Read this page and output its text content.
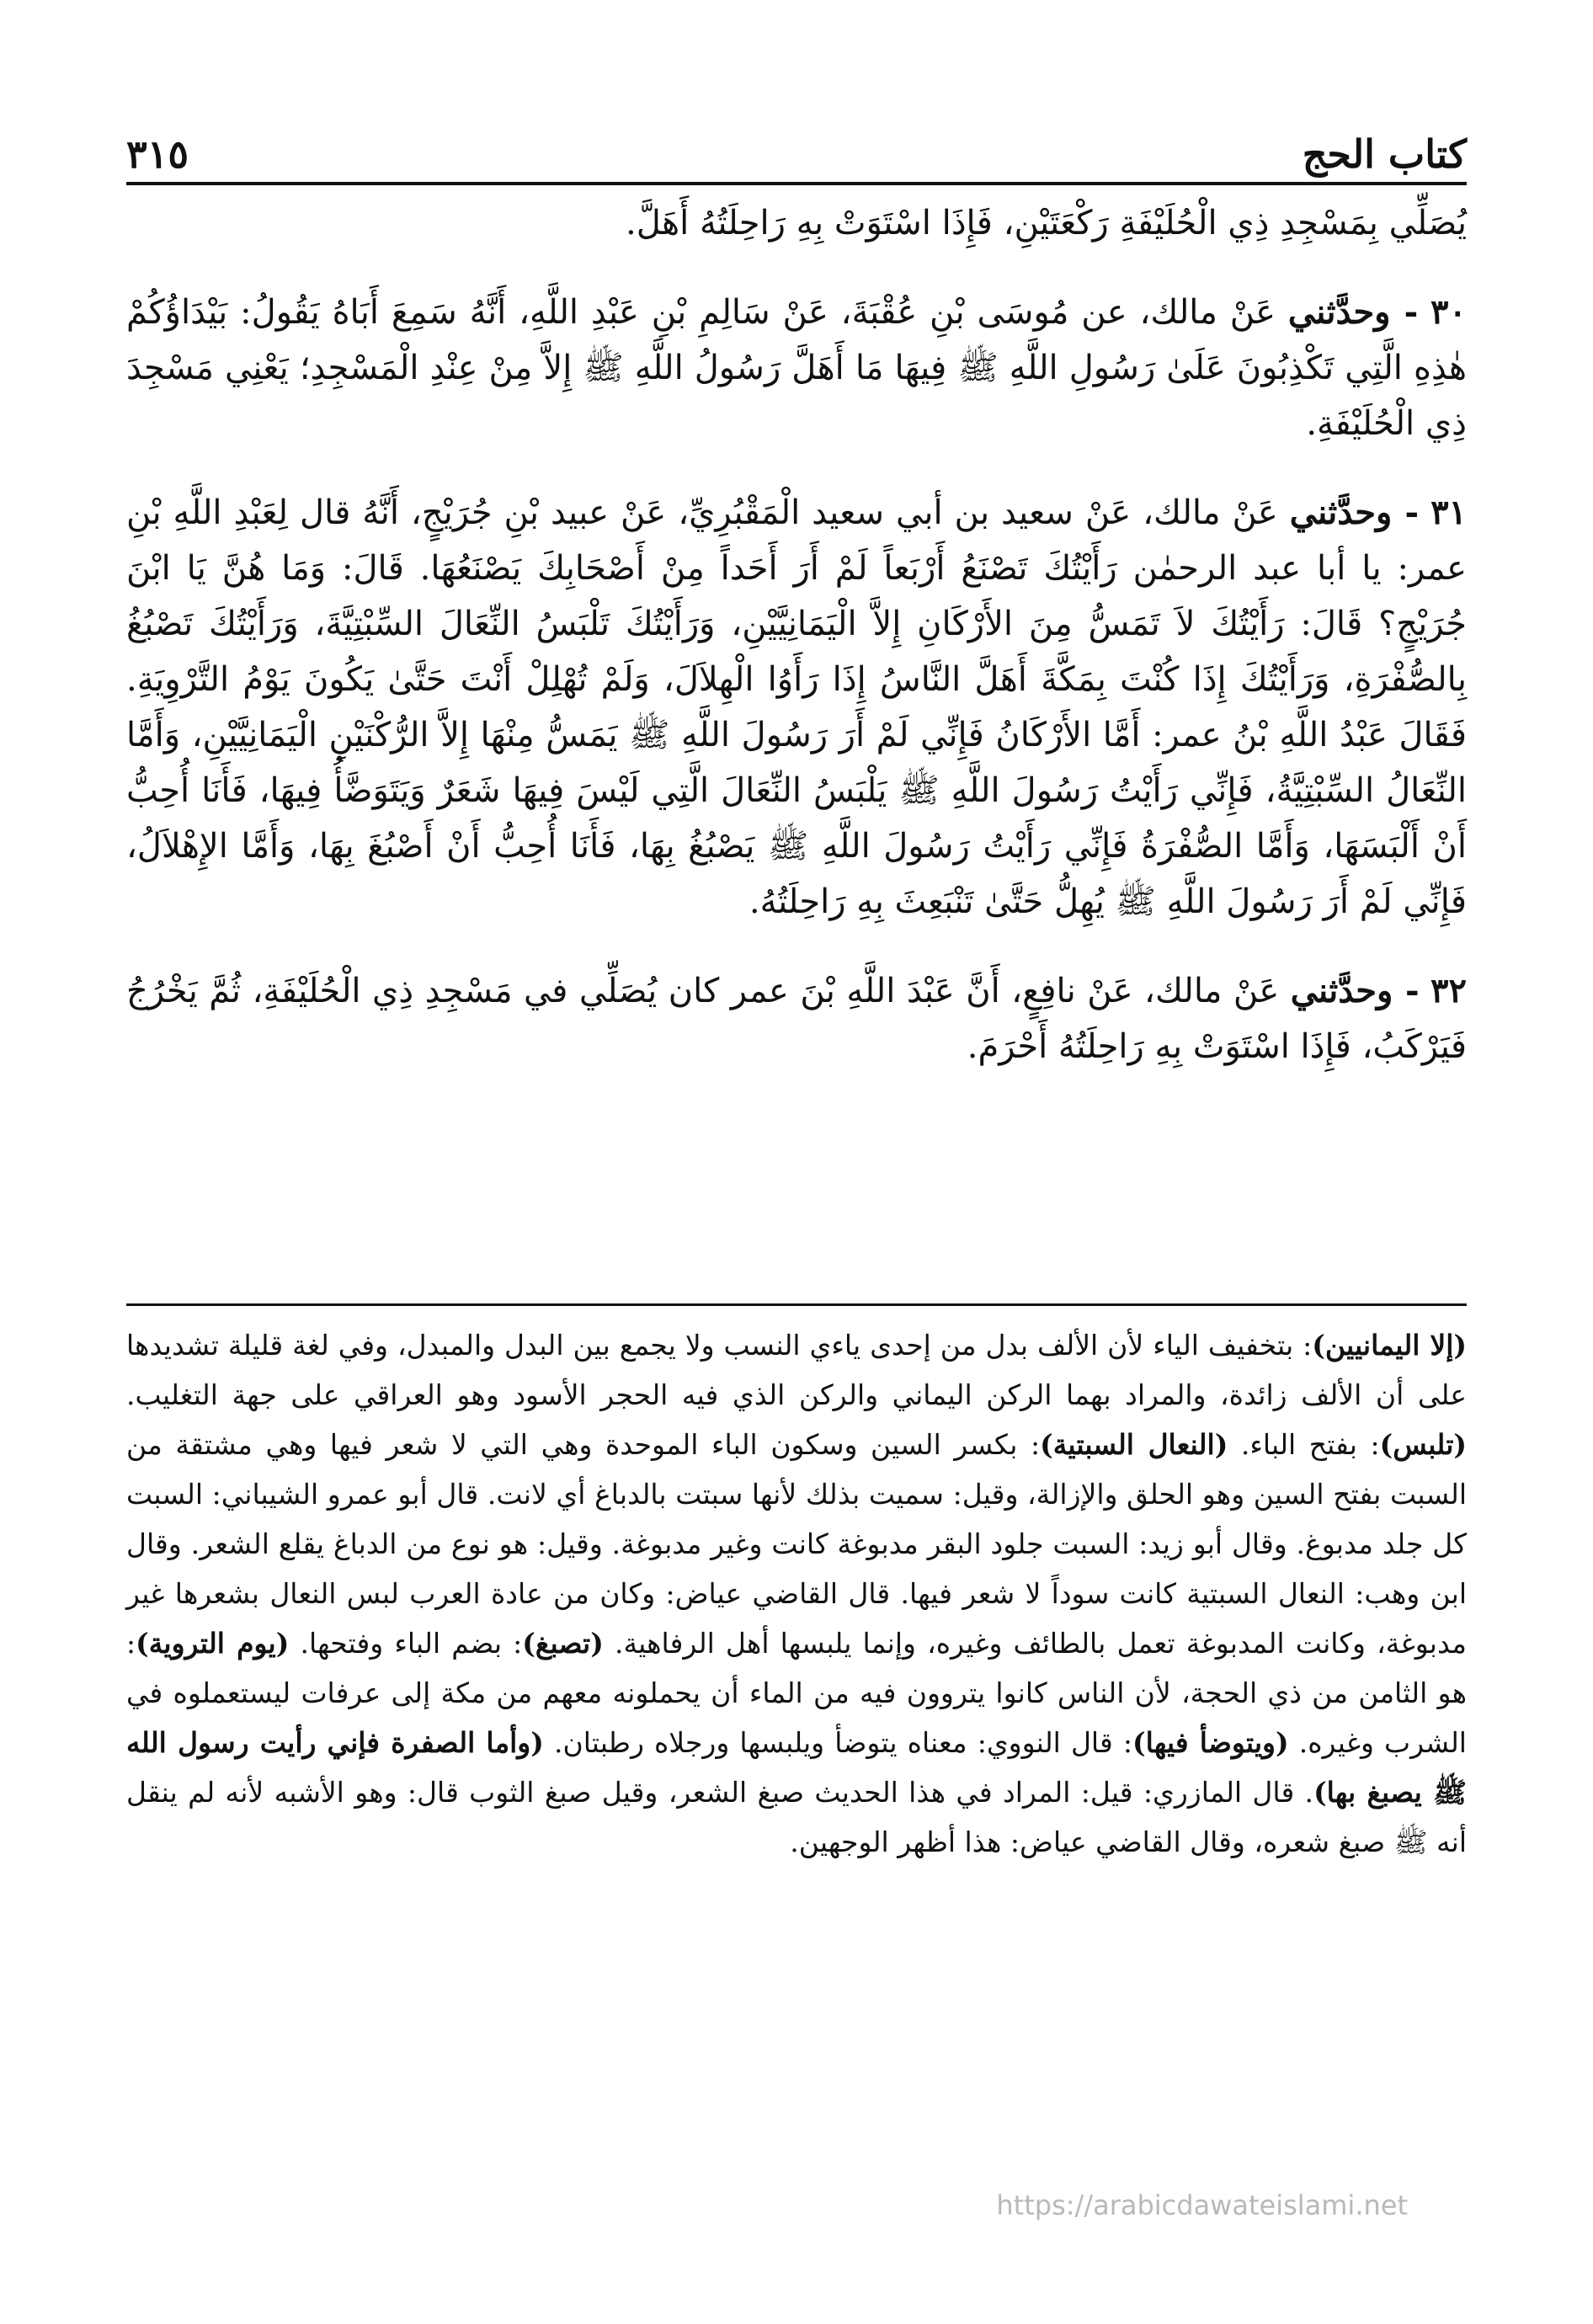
كتاب الحج
٣١٥

يُصَلِّي بِمَسْجِدِ ذِي الْحُلَيْفَةِ رَكْعَتَيْنِ، فَإِذَا اسْتَوَتْ بِهِ رَاحِلَتُهُ أَهَلَّ.

٣٠ - وحدَّثني عَنْ مالك، عن مُوسَى بْنِ عُقْبَةَ، عَنْ سَالِمِ بْنِ عَبْدِ اللَّهِ، أَنَّهُ سَمِعَ أَبَاهُ يَقُولُ: بَيْدَاؤُكُمْ هٰذِهِ الَّتِي تَكْذِبُونَ عَلَىٰ رَسُولِ اللَّهِ ﷺ فِيهَا مَا أَهَلَّ رَسُولُ اللَّهِ ﷺ إِلاَّ مِنْ عِنْدِ الْمَسْجِدِ؛ يَعْنِي مَسْجِدَ ذِي الْحُلَيْفَةِ.

٣١ - وحدَّثني عَنْ مالك، عَنْ سعيد بن أبي سعيد الْمَقْبُرِيِّ، عَنْ عبيد بْنِ جُرَيْجٍ، أَنَّهُ قال لِعَبْدِ اللَّهِ بْنِ عمر: يا أبا عبد الرحمٰن رَأَيْتُكَ تَصْنَعُ أَرْبَعاً لَمْ أَرَ أَحَداً مِنْ أَصْحَابِكَ يَصْنَعُهَا. قَالَ: وَمَا هُنَّ يَا ابْنَ جُرَيْجٍ؟ قَالَ: رَأَيْتُكَ لاَ تَمَسُّ مِنَ الأَرْكَانِ إِلاَّ الْيَمَانِيَّيْنِ، وَرَأَيْتُكَ تَلْبَسُ النِّعَالَ السِّبْتِيَّةَ، وَرَأَيْتُكَ تَصْبُغُ بِالصُّفْرَةِ، وَرَأَيْتُكَ إِذَا كُنْتَ بِمَكَّةَ أَهَلَّ النَّاسُ إِذَا رَأَوُا الْهِلاَلَ، وَلَمْ تُهْلِلْ أَنْتَ حَتَّىٰ يَكُونَ يَوْمُ التَّرْوِيَةِ. فَقَالَ عَبْدُ اللَّهِ بْنُ عمر: أَمَّا الأَرْكَانُ فَإِنِّي لَمْ أَرَ رَسُولَ اللَّهِ ﷺ يَمَسُّ مِنْهَا إِلاَّ الرُّكْنَيْنِ الْيَمَانِيَّيْنِ، وَأَمَّا النِّعَالُ السِّبْتِيَّةُ، فَإِنِّي رَأَيْتُ رَسُولَ اللَّهِ ﷺ يَلْبَسُ النِّعَالَ الَّتِي لَيْسَ فِيهَا شَعَرٌ وَيَتَوَضَّأُ فِيهَا، فَأَنَا أُحِبُّ أَنْ أَلْبَسَهَا، وَأَمَّا الصُّفْرَةُ فَإِنِّي رَأَيْتُ رَسُولَ اللَّهِ ﷺ يَصْبُغُ بِهَا، فَأَنَا أُحِبُّ أَنْ أَصْبُغَ بِهَا، وَأَمَّا الإِهْلاَلُ، فَإِنِّي لَمْ أَرَ رَسُولَ اللَّهِ ﷺ يُهِلُّ حَتَّىٰ تَنْبَعِثَ بِهِ رَاحِلَتُهُ.

٣٢ - وحدَّثني عَنْ مالك، عَنْ نافِعٍ، أَنَّ عَبْدَ اللَّهِ بْنَ عمر كان يُصَلِّي في مَسْجِدِ ذِي الْحُلَيْفَةِ، ثُمَّ يَخْرُجُ فَيَرْكَبُ، فَإِذَا اسْتَوَتْ بِهِ رَاحِلَتُهُ أَحْرَمَ.

(إلا اليمانيين): بتخفيف الياء لأن الألف بدل من إحدى ياءي النسب ولا يجمع بين البدل والمبدل، وفي لغة قليلة تشديدها على أن الألف زائدة، والمراد بهما الركن اليماني والركن الذي فيه الحجر الأسود وهو العراقي على جهة التغليب. (تلبس): بفتح الباء. (النعال السبتية): بكسر السين وسكون الباء الموحدة وهي التي لا شعر فيها وهي مشتقة من السبت بفتح السين وهو الحلق والإزالة، وقيل: سميت بذلك لأنها سبتت بالدباغ أي لانت. قال أبو عمرو الشيباني: السبت كل جلد مدبوغ. وقال أبو زيد: السبت جلود البقر مدبوغة كانت وغير مدبوغة. وقيل: هو نوع من الدباغ يقلع الشعر. وقال ابن وهب: النعال السبتية كانت سوداً لا شعر فيها. قال القاضي عياض: وكان من عادة العرب لبس النعال بشعرها غير مدبوغة، وكانت المدبوغة تعمل بالطائف وغيره، وإنما يلبسها أهل الرفاهية. (تصبغ): بضم الباء وفتحها. (يوم التروية): هو الثامن من ذي الحجة، لأن الناس كانوا يتروون فيه من الماء أن يحملونه معهم من مكة إلى عرفات ليستعملوه في الشرب وغيره. (ويتوضأ فيها): قال النووي: معناه يتوضأ ويلبسها ورجلاه رطبتان. (وأما الصفرة فإني رأيت رسول الله ﷺ يصبغ بها). قال المازري: قيل: المراد في هذا الحديث صبغ الشعر، وقيل صبغ الثوب قال: وهو الأشبه لأنه لم ينقل أنه ﷺ صبغ شعره، وقال القاضي عياض: هذا أظهر الوجهين.

https://arabicdawateislami.net
